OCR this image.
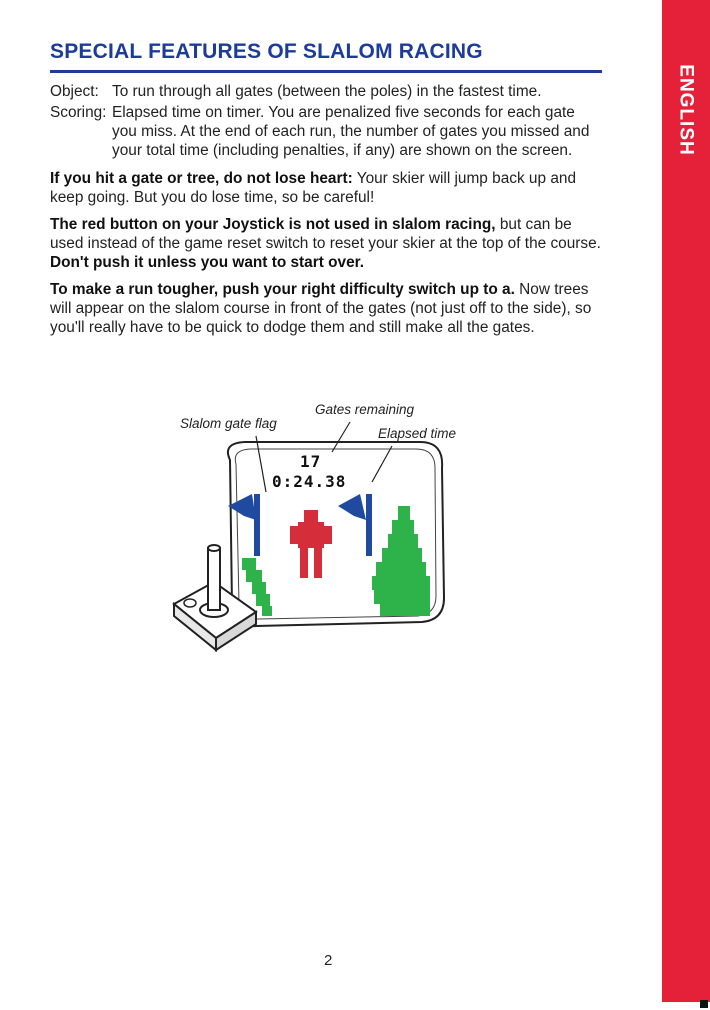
ENGLISH
SPECIAL FEATURES OF SLALOM RACING
Object: To run through all gates (between the poles) in the fastest time.
Scoring: Elapsed time on timer. You are penalized five seconds for each gate you miss. At the end of each run, the number of gates you missed and your total time (including penalties, if any) are shown on the screen.

If you hit a gate or tree, do not lose heart: Your skier will jump back up and keep going. But you do lose time, so be careful!

The red button on your Joystick is not used in slalom racing, but can be used instead of the game reset switch to reset your skier at the top of the course. Don't push it unless you want to start over.

To make a run tougher, push your right difficulty switch up to a. Now trees will appear on the slalom course in front of the gates (not just off to the side), so you'll really have to be quick to dodge them and still make all the gates.

Gates remaining
Slalom gate flag
Elapsed time
17
0:24.38
2
